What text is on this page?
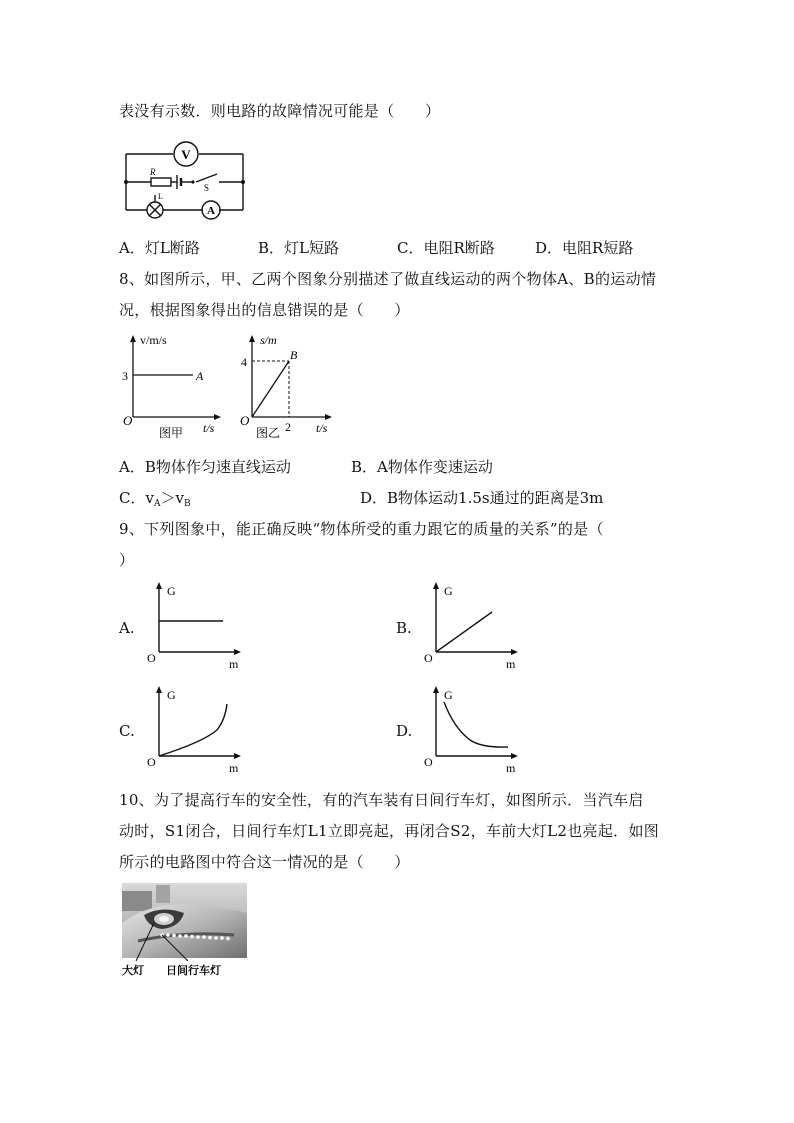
表没有示数．则电路的故障情况可能是（　　）
V
A
R
L
S
A．灯L断路	B．灯L短路	C．电阻R断路	D．电阻R短路
8、如图所示，甲、乙两个图象分别描述了做直线运动的两个物体A、B的运动情
况，根据图象得出的信息错误的是（　　）
v/m/s
t/s
O
3	A
图甲
s/m
t/s
O
4
2
B
图乙
A．B物体作匀速直线运动	B．A物体作变速运动
C．$v_A>v_B$	D．B物体运动1.5s通过的距离是3m
9、下列图象中，能正确反映“物体所受的重力跟它的质量的关系”的是（
）
A.	B.
C.	D.
G
m
O
G
m
O
G
m
O
G
m
O
10、为了提高行车的安全性，有的汽车装有日间行车灯，如图所示．当汽车启
动时，S1闭合，日间行车灯L1立即亮起，再闭合S2，车前大灯L2也亮起．如图
所示的电路图中符合这一情况的是（　　）
大灯 日间行车灯
